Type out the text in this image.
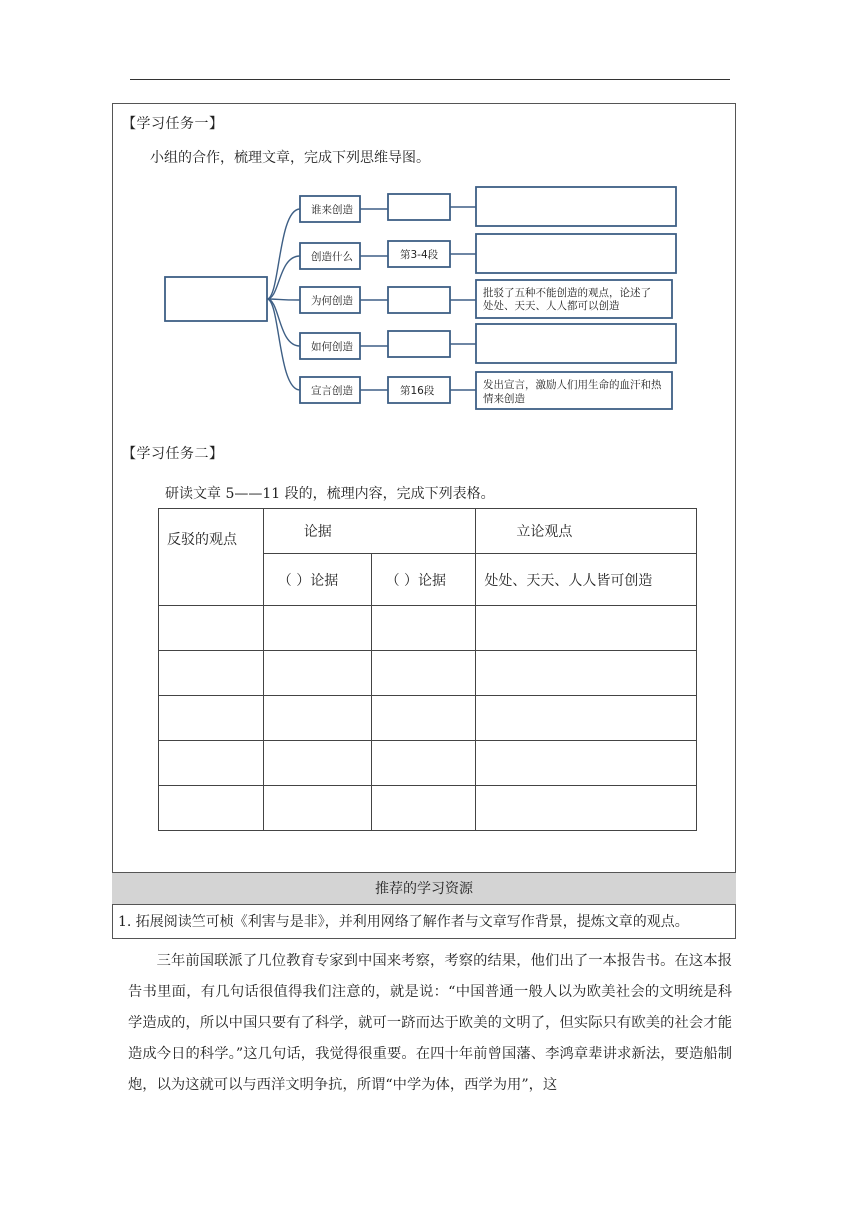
【学习任务一】
小组的合作，梳理文章，完成下列思维导图。
谁来创造
创造什么
为何创造
如何创造
宣言创造
第3-4段
第16段
批驳了五种不能创造的观点，论述了
处处、天天、人人都可以创造
发出宣言，激励人们用生命的血汗和热
情来创造
【学习任务二】
研读文章 5——11 段的，梳理内容，完成下列表格。
反驳的观点	论据		立论观点
	（ ）论据	（ ）论据	处处、天天、人人皆可创造

推荐的学习资源
1. 拓展阅读竺可桢《利害与是非》，并利用网络了解作者与文章写作背景，提炼文章的观点。

三年前国联派了几位教育专家到中国来考察，考察的结果，他们出了一本报告书。在这本报告书里面，有几句话很值得我们注意的，就是说：“中国普通一般人以为欧美社会的文明统是科学造成的，所以中国只要有了科学，就可一跻而达于欧美的文明了，但实际只有欧美的社会才能造成今日的科学。”这几句话，我觉得很重要。在四十年前曾国藩、李鸿章辈讲求新法，要造船制炮，以为这就可以与西洋文明争抗，所谓“中学为体，西学为用”，这
